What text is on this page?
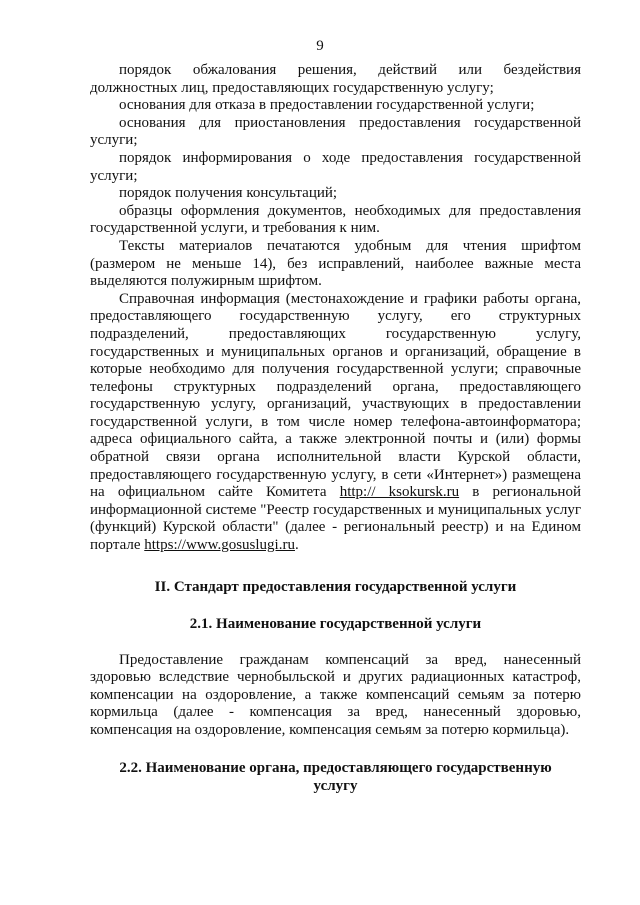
9

порядок обжалования решения, действий или бездействия должностных лиц, предоставляющих государственную услугу;

основания для отказа в предоставлении государственной услуги;

основания для приостановления предоставления государственной услуги;

порядок информирования о ходе предоставления государственной услуги;

порядок получения консультаций;

образцы оформления документов, необходимых для предоставления государственной услуги, и требования к ним.

Тексты материалов печатаются удобным для чтения шрифтом (размером не меньше 14), без исправлений, наиболее важные места выделяются полужирным шрифтом.

Справочная информация (местонахождение и графики работы органа, предоставляющего государственную услугу, его структурных подразделений, предоставляющих государственную услугу, государственных и муниципальных органов и организаций, обращение в которые необходимо для получения государственной услуги; справочные телефоны структурных подразделений органа, предоставляющего государственную услугу, организаций, участвующих в предоставлении государственной услуги, в том числе номер телефона-автоинформатора; адреса официального сайта, а также электронной почты и (или) формы обратной связи органа исполнительной власти Курской области, предоставляющего государственную услугу, в сети «Интернет») размещена на официальном сайте Комитета http:// ksokursk.ru в региональной информационной системе "Реестр государственных и муниципальных услуг (функций) Курской области" (далее - региональный реестр) и на Едином портале https://www.gosuslugi.ru.

II. Стандарт предоставления государственной услуги

2.1. Наименование государственной услуги

Предоставление гражданам компенсаций за вред, нанесенный здоровью вследствие чернобыльской и других радиационных катастроф, компенсации на оздоровление, а также компенсаций семьям за потерю кормильца (далее - компенсация за вред, нанесенный здоровью, компенсация на оздоровление, компенсация семьям за потерю кормильца).

2.2. Наименование органа, предоставляющего государственную
услугу
